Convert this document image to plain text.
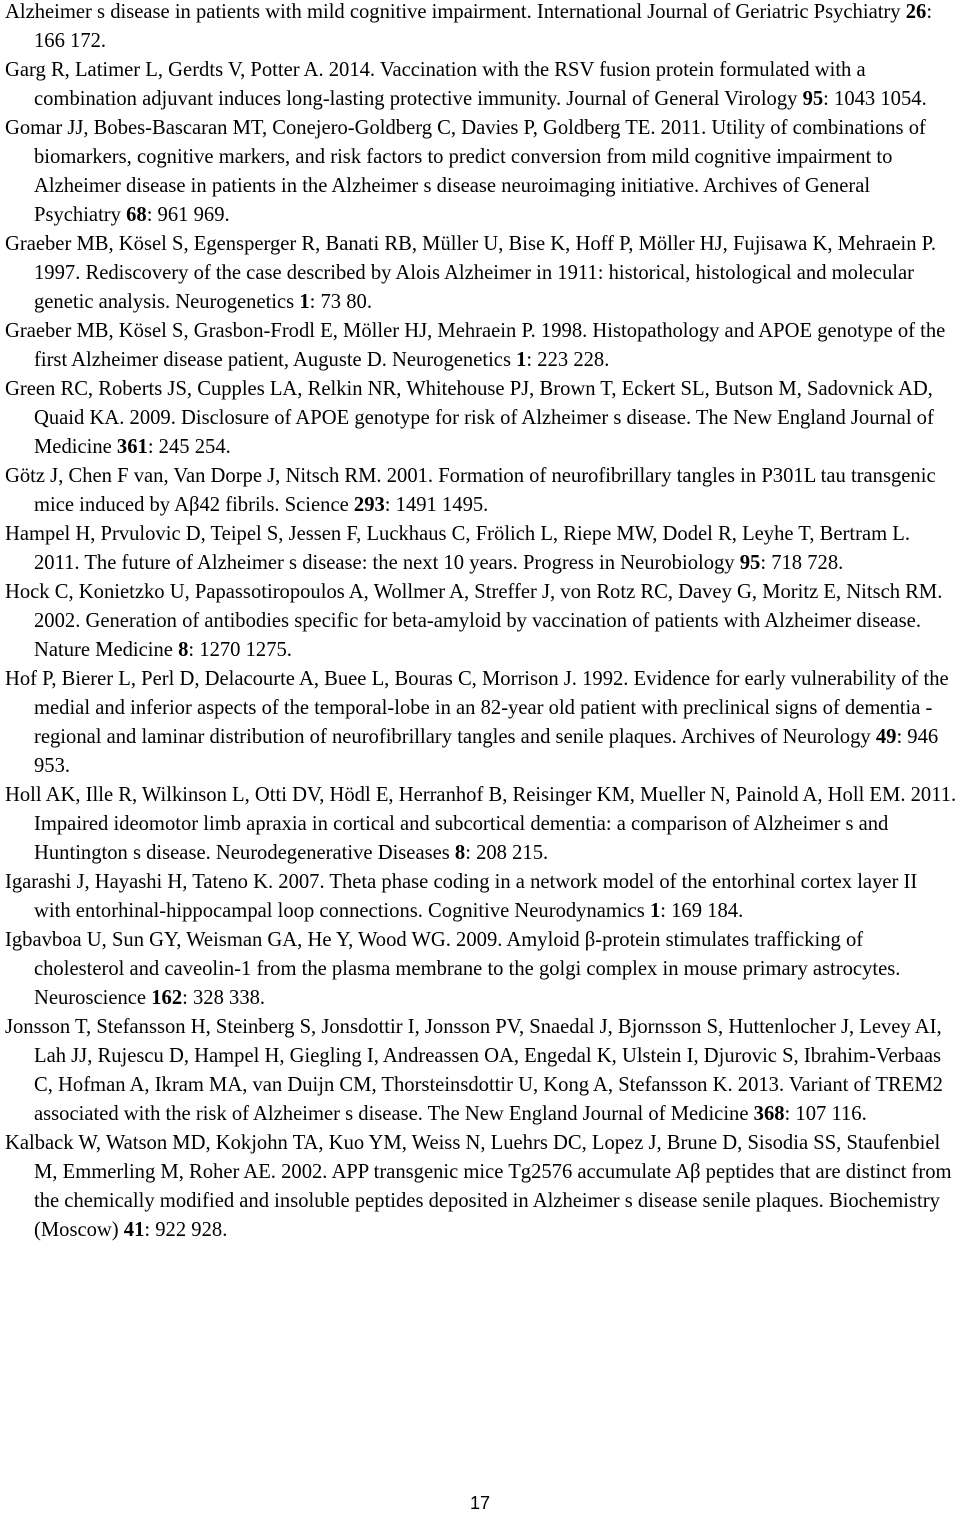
Alzheimer s disease in patients with mild cognitive impairment. International Journal of Geriatric Psychiatry 26: 166 172.

Garg R, Latimer L, Gerdts V, Potter A. 2014. Vaccination with the RSV fusion protein formulated with a combination adjuvant induces long-lasting protective immunity. Journal of General Virology 95: 1043 1054.

Gomar JJ, Bobes-Bascaran MT, Conejero-Goldberg C, Davies P, Goldberg TE. 2011. Utility of combinations of biomarkers, cognitive markers, and risk factors to predict conversion from mild cognitive impairment to Alzheimer disease in patients in the Alzheimer s disease neuroimaging initiative. Archives of General Psychiatry 68: 961 969.

Graeber MB, Kösel S, Egensperger R, Banati RB, Müller U, Bise K, Hoff P, Möller HJ, Fujisawa K, Mehraein P. 1997. Rediscovery of the case described by Alois Alzheimer in 1911: historical, histological and molecular genetic analysis. Neurogenetics 1: 73 80.

Graeber MB, Kösel S, Grasbon-Frodl E, Möller HJ, Mehraein P. 1998. Histopathology and APOE genotype of the first Alzheimer disease patient, Auguste D. Neurogenetics 1: 223 228.

Green RC, Roberts JS, Cupples LA, Relkin NR, Whitehouse PJ, Brown T, Eckert SL, Butson M, Sadovnick AD, Quaid KA. 2009. Disclosure of APOE genotype for risk of Alzheimer s disease. The New England Journal of Medicine 361: 245 254.

Götz J, Chen F van, Van Dorpe J, Nitsch RM. 2001. Formation of neurofibrillary tangles in P301L tau transgenic mice induced by Aβ42 fibrils. Science 293: 1491 1495.

Hampel H, Prvulovic D, Teipel S, Jessen F, Luckhaus C, Frölich L, Riepe MW, Dodel R, Leyhe T, Bertram L. 2011. The future of Alzheimer s disease: the next 10 years. Progress in Neurobiology 95: 718 728.

Hock C, Konietzko U, Papassotiropoulos A, Wollmer A, Streffer J, von Rotz RC, Davey G, Moritz E, Nitsch RM. 2002. Generation of antibodies specific for beta-amyloid by vaccination of patients with Alzheimer disease. Nature Medicine 8: 1270 1275.

Hof P, Bierer L, Perl D, Delacourte A, Buee L, Bouras C, Morrison J. 1992. Evidence for early vulnerability of the medial and inferior aspects of the temporal-lobe in an 82-year old patient with preclinical signs of dementia - regional and laminar distribution of neurofibrillary tangles and senile plaques. Archives of Neurology 49: 946 953.

Holl AK, Ille R, Wilkinson L, Otti DV, Hödl E, Herranhof B, Reisinger KM, Mueller N, Painold A, Holl EM. 2011. Impaired ideomotor limb apraxia in cortical and subcortical dementia: a comparison of Alzheimer s and Huntington s disease. Neurodegenerative Diseases 8: 208 215.

Igarashi J, Hayashi H, Tateno K. 2007. Theta phase coding in a network model of the entorhinal cortex layer II with entorhinal-hippocampal loop connections. Cognitive Neurodynamics 1: 169 184.

Igbavboa U, Sun GY, Weisman GA, He Y, Wood WG. 2009. Amyloid β-protein stimulates trafficking of cholesterol and caveolin-1 from the plasma membrane to the golgi complex in mouse primary astrocytes. Neuroscience 162: 328 338.

Jonsson T, Stefansson H, Steinberg S, Jonsdottir I, Jonsson PV, Snaedal J, Bjornsson S, Huttenlocher J, Levey AI, Lah JJ, Rujescu D, Hampel H, Giegling I, Andreassen OA, Engedal K, Ulstein I, Djurovic S, Ibrahim-Verbaas C, Hofman A, Ikram MA, van Duijn CM, Thorsteinsdottir U, Kong A, Stefansson K. 2013. Variant of TREM2 associated with the risk of Alzheimer s disease. The New England Journal of Medicine 368: 107 116.

Kalback W, Watson MD, Kokjohn TA, Kuo YM, Weiss N, Luehrs DC, Lopez J, Brune D, Sisodia SS, Staufenbiel M, Emmerling M, Roher AE. 2002. APP transgenic mice Tg2576 accumulate Aβ peptides that are distinct from the chemically modified and insoluble peptides deposited in Alzheimer s disease senile plaques. Biochemistry (Moscow) 41: 922 928.

17
